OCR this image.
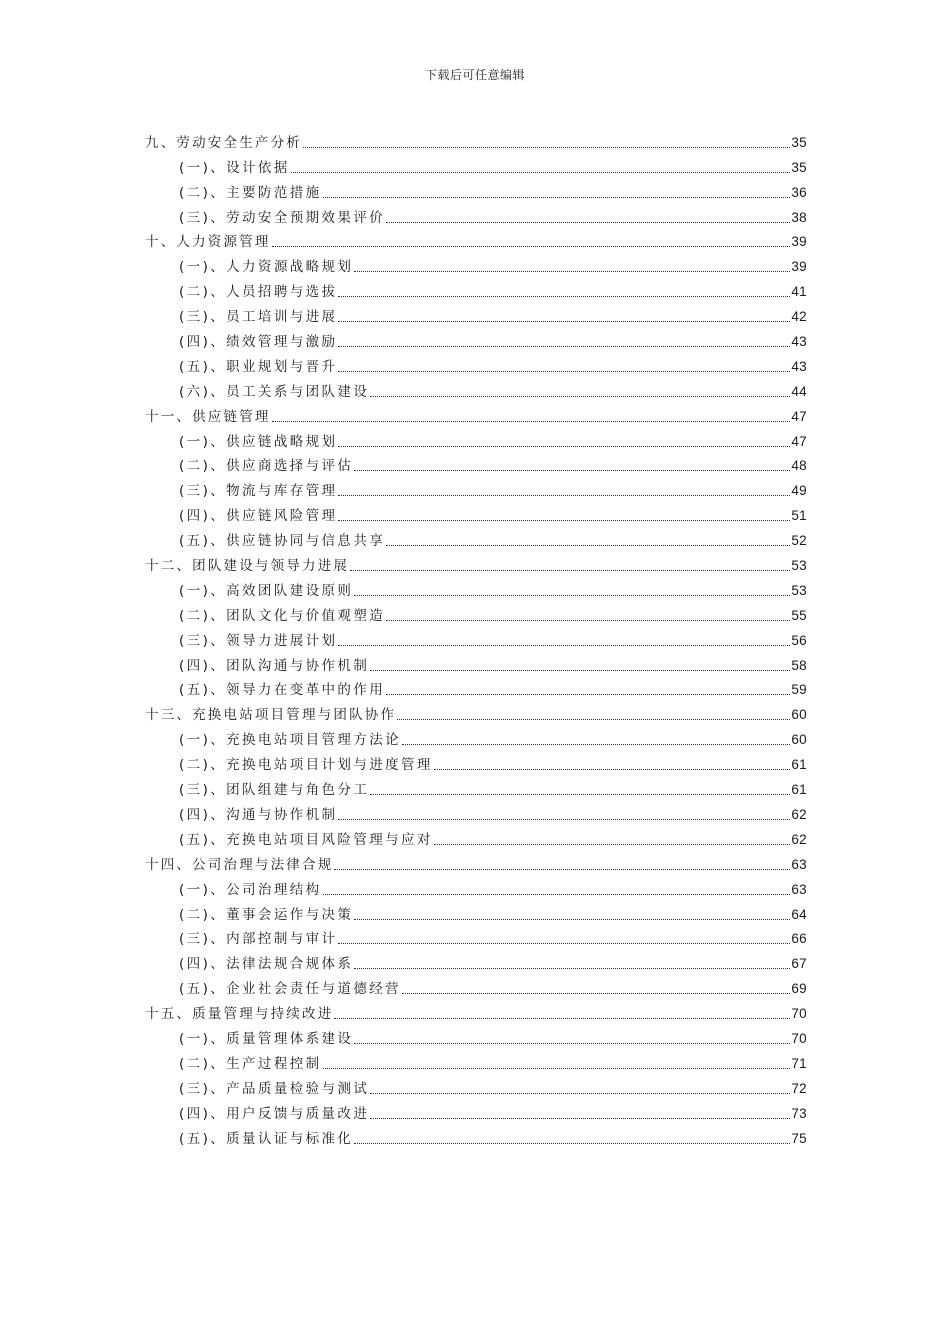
下载后可任意编辑
九、劳动安全生产分析	35
(一)、设计依据	35
(二)、主要防范措施	36
(三)、劳动安全预期效果评价	38
十、人力资源管理	39
(一)、人力资源战略规划	39
(二)、人员招聘与选拔	41
(三)、员工培训与进展	42
(四)、绩效管理与激励	43
(五)、职业规划与晋升	43
(六)、员工关系与团队建设	44
十一、供应链管理	47
(一)、供应链战略规划	47
(二)、供应商选择与评估	48
(三)、物流与库存管理	49
(四)、供应链风险管理	51
(五)、供应链协同与信息共享	52
十二、团队建设与领导力进展	53
(一)、高效团队建设原则	53
(二)、团队文化与价值观塑造	55
(三)、领导力进展计划	56
(四)、团队沟通与协作机制	58
(五)、领导力在变革中的作用	59
十三、充换电站项目管理与团队协作	60
(一)、充换电站项目管理方法论	60
(二)、充换电站项目计划与进度管理	61
(三)、团队组建与角色分工	61
(四)、沟通与协作机制	62
(五)、充换电站项目风险管理与应对	62
十四、公司治理与法律合规	63
(一)、公司治理结构	63
(二)、董事会运作与决策	64
(三)、内部控制与审计	66
(四)、法律法规合规体系	67
(五)、企业社会责任与道德经营	69
十五、质量管理与持续改进	70
(一)、质量管理体系建设	70
(二)、生产过程控制	71
(三)、产品质量检验与测试	72
(四)、用户反馈与质量改进	73
(五)、质量认证与标准化	75
